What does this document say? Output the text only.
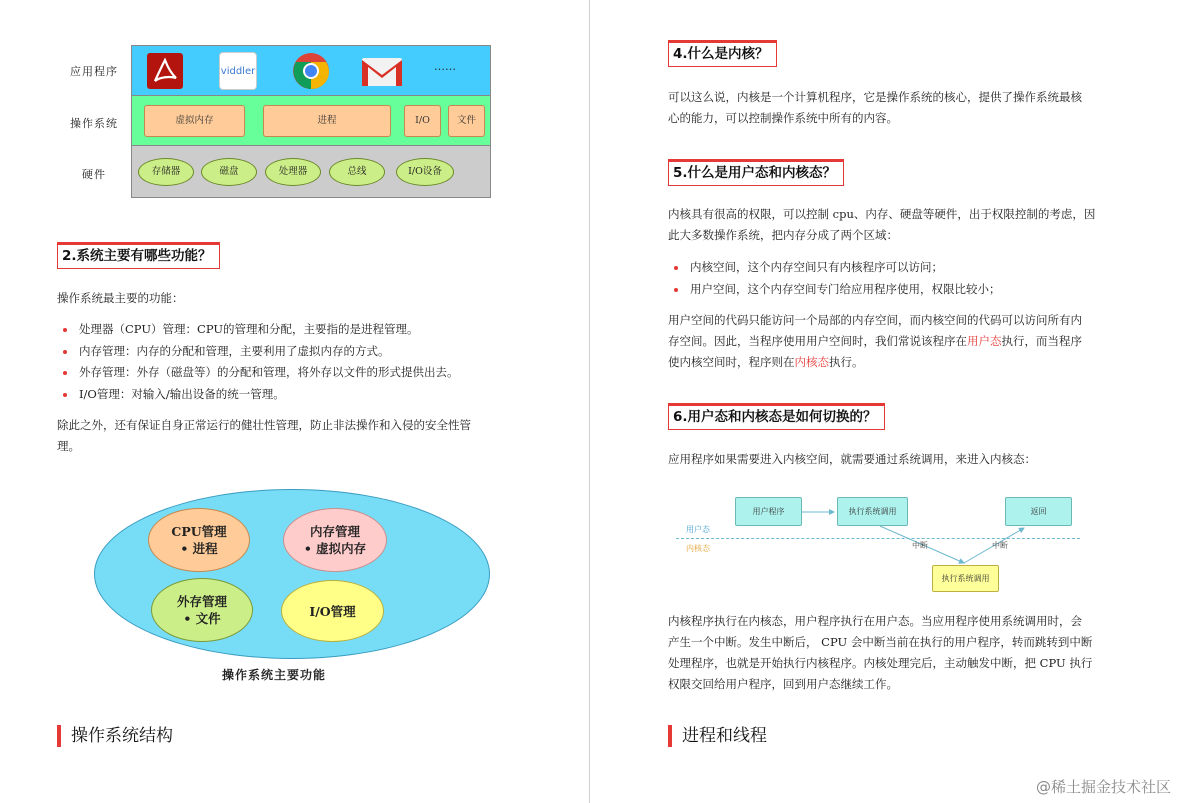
应用程序
操作系统
硬件
viddler	……
虚拟内存	进程	I/O	文件
存储器	磁盘	处理器	总线	I/O设备
2.系统主要有哪些功能？

操作系统最主要的功能：

处理器（CPU）管理：CPU的管理和分配，主要指的是进程管理。
内存管理：内存的分配和管理，主要利用了虚拟内存的方式。
外存管理：外存（磁盘等）的分配和管理，将外存以文件的形式提供出去。
I/O管理：对输入/输出设备的统一管理。

除此之外，还有保证自身正常运行的健壮性管理，防止非法操作和入侵的安全性管

理。

CPU管理
• 进程
内存管理
• 虚拟内存
外存管理
• 文件	I/O管理
操作系统主要功能
操作系统结构
4.什么是内核？

可以这么说，内核是一个计算机程序，它是操作系统的核心，提供了操作系统最核

心的能力，可以控制操作系统中所有的内容。

5.什么是用户态和内核态？

内核具有很高的权限，可以控制 cpu、内存、硬盘等硬件，出于权限控制的考虑，因

此大多数操作系统，把内存分成了两个区域：

内核空间，这个内存空间只有内核程序可以访问；
用户空间，这个内存空间专门给应用程序使用，权限比较小；

用户空间的代码只能访问一个局部的内存空间，而内核空间的代码可以访问所有内

存空间。因此，当程序使用用户空间时，我们常说该程序在用户态执行，而当程序

使内核空间时，程序则在内核态执行。

6.用户态和内核态是如何切换的？

应用程序如果需要进入内核空间，就需要通过系统调用，来进入内核态：

用户态
内核态
用户程序	执行系统调用	返回
执行系统调用
中断	中断

内核程序执行在内核态，用户程序执行在用户态。当应用程序使用系统调用时，会

产生一个中断。发生中断后， CPU 会中断当前在执行的用户程序，转而跳转到中断

处理程序，也就是开始执行内核程序。内核处理完后，主动触发中断，把 CPU 执行

权限交回给用户程序，回到用户态继续工作。

进程和线程
@稀土掘金技术社区
